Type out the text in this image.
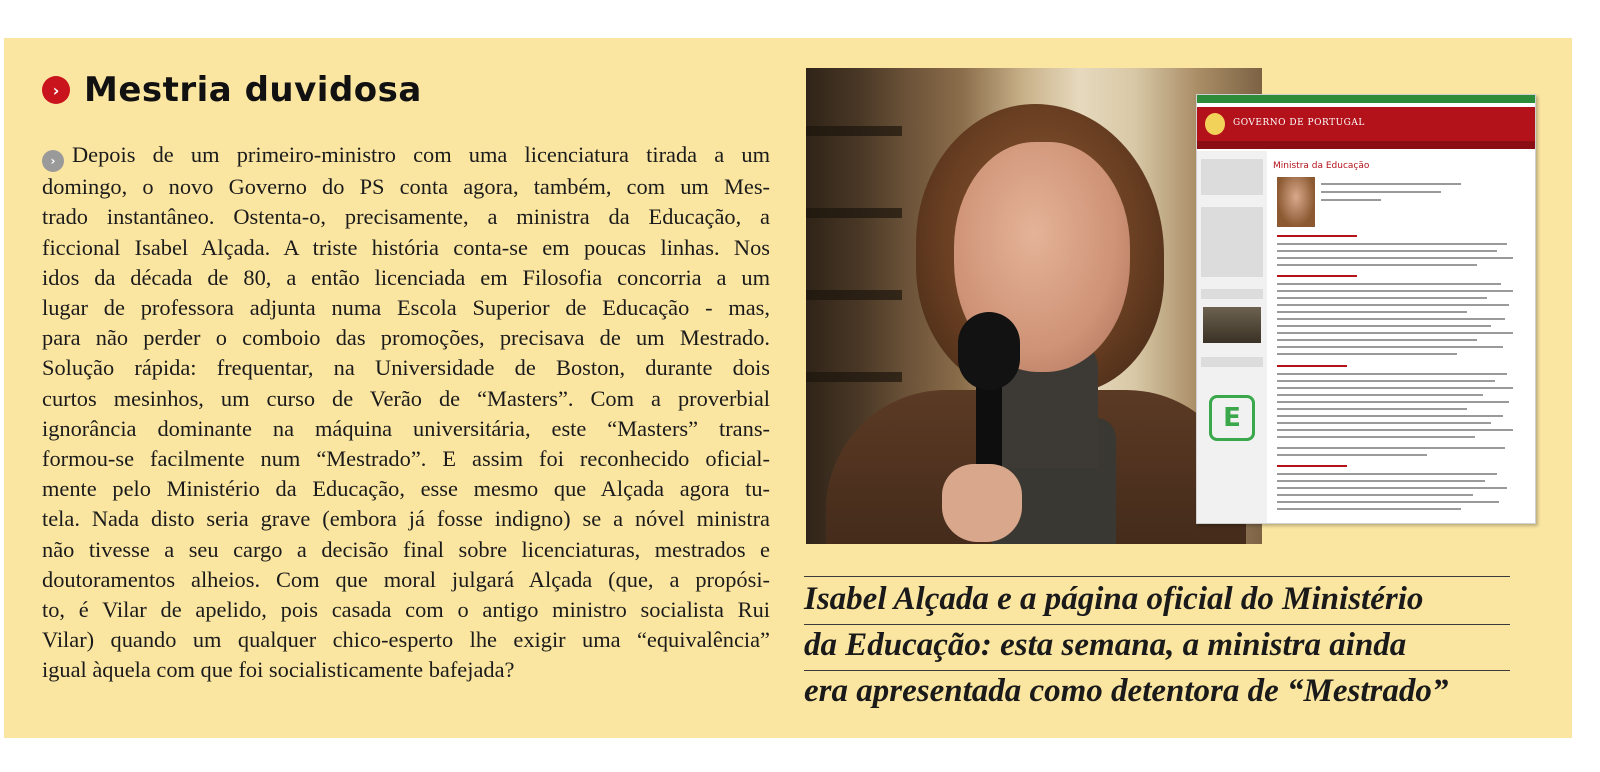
› Mestria duvidosa
› Depois de um primeiro-ministro com uma licenciatura tirada a um
domingo, o novo Governo do PS conta agora, também, com um Mes-
trado instantâneo. Ostenta-o, precisamente, a ministra da Educação, a
ficcional Isabel Alçada. A triste história conta-se em poucas linhas. Nos
idos da década de 80, a então licenciada em Filosofia concorria a um
lugar de professora adjunta numa Escola Superior de Educação - mas,
para não perder o comboio das promoções, precisava de um Mestrado.
Solução rápida: frequentar, na Universidade de Boston, durante dois
curtos mesinhos, um curso de Verão de “Masters”. Com a proverbial
ignorância dominante na máquina universitária, este “Masters” trans-
formou-se facilmente num “Mestrado”. E assim foi reconhecido oficial-
mente pelo Ministério da Educação, esse mesmo que Alçada agora tu-
tela. Nada disto seria grave (embora já fosse indigno) se a nóvel ministra
não tivesse a seu cargo a decisão final sobre licenciaturas, mestrados e
doutoramentos alheios. Com que moral julgará Alçada (que, a propósi-
to, é Vilar de apelido, pois casada com o antigo ministro socialista Rui
Vilar) quando um qualquer chico-esperto lhe exigir uma “equivalência”
igual àquela com que foi socialisticamente bafejada?
GOVERNO DE PORTUGAL
E
Ministra da Educação
Isabel Alçada e a página oficial do Ministério
da Educação: esta semana, a ministra ainda
era apresentada como detentora de “Mestrado”
